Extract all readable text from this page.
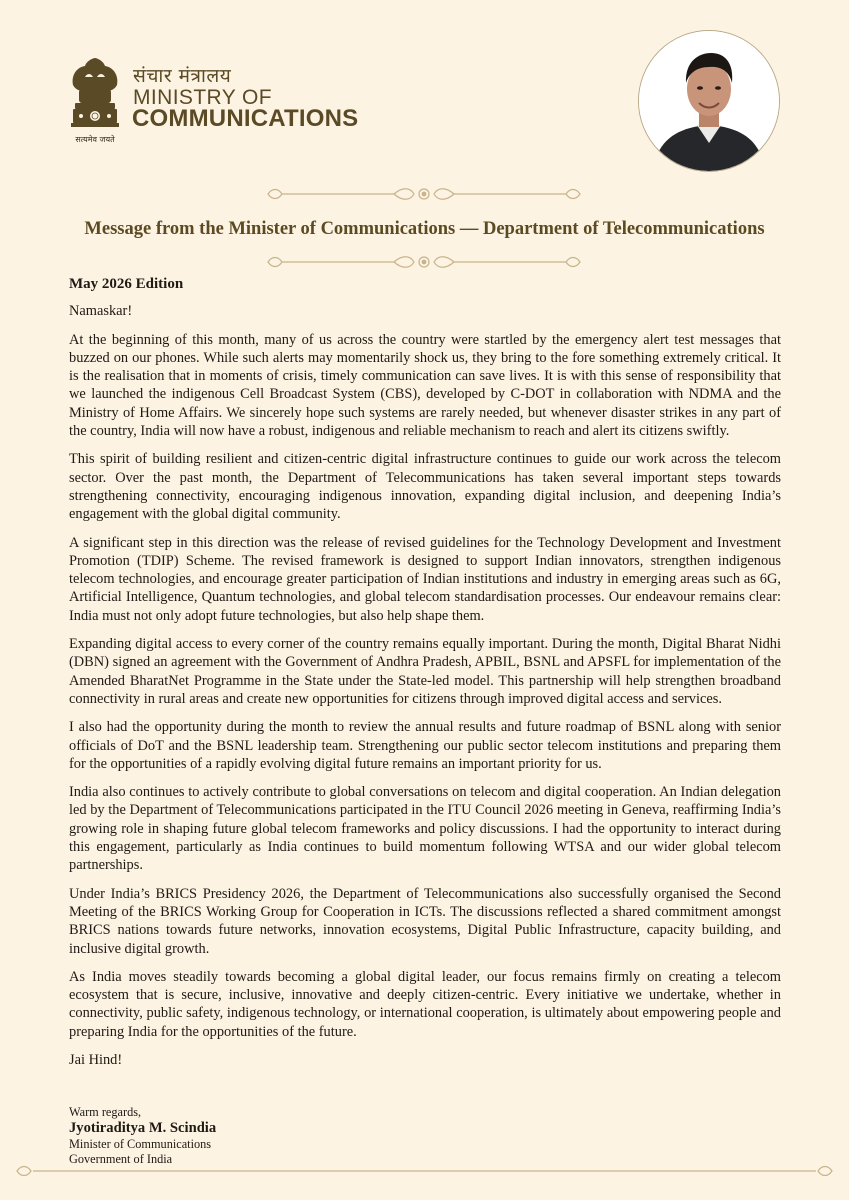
संचार मंत्रालय
MINISTRY OF
COMMUNICATIONS
सत्यमेव जयते
Message from the Minister of Communications — Department of Telecommunications
May 2026 Edition

Namaskar!

At the beginning of this month, many of us across the country were startled by the emergency alert test messages that buzzed on our phones. While such alerts may momentarily shock us, they bring to the fore something extremely critical. It is the realisation that in moments of crisis, timely communication can save lives. It is with this sense of responsibility that we launched the indigenous Cell Broadcast System (CBS), developed by C-DOT in collaboration with NDMA and the Ministry of Home Affairs. We sincerely hope such systems are rarely needed, but whenever disaster strikes in any part of the country, India will now have a robust, indigenous and reliable mechanism to reach and alert its citizens swiftly.

This spirit of building resilient and citizen-centric digital infrastructure continues to guide our work across the telecom sector. Over the past month, the Department of Telecommunications has taken several important steps towards strengthening connectivity, encouraging indigenous innovation, expanding digital inclusion, and deepening India’s engagement with the global digital community.

A significant step in this direction was the release of revised guidelines for the Technology Development and Investment Promotion (TDIP) Scheme. The revised framework is designed to support Indian innovators, strengthen indigenous telecom technologies, and encourage greater participation of Indian institutions and industry in emerging areas such as 6G, Artificial Intelligence, Quantum technologies, and global telecom standardisation processes. Our endeavour remains clear: India must not only adopt future technologies, but also help shape them.

Expanding digital access to every corner of the country remains equally important. During the month, Digital Bharat Nidhi (DBN) signed an agreement with the Government of Andhra Pradesh, APBIL, BSNL and APSFL for implementation of the Amended BharatNet Programme in the State under the State-led model. This partnership will help strengthen broadband connectivity in rural areas and create new opportunities for citizens through improved digital access and services.

I also had the opportunity during the month to review the annual results and future roadmap of BSNL along with senior officials of DoT and the BSNL leadership team. Strengthening our public sector telecom institutions and preparing them for the opportunities of a rapidly evolving digital future remains an important priority for us.

India also continues to actively contribute to global conversations on telecom and digital cooperation. An Indian delegation led by the Department of Telecommunications participated in the ITU Council 2026 meeting in Geneva, reaffirming India’s growing role in shaping future global telecom frameworks and policy discussions. I had the opportunity to interact during this engagement, particularly as India continues to build momentum following WTSA and our wider global telecom partnerships.

Under India’s BRICS Presidency 2026, the Department of Telecommunications also successfully organised the Second Meeting of the BRICS Working Group for Cooperation in ICTs. The discussions reflected a shared commitment amongst BRICS nations towards future networks, innovation ecosystems, Digital Public Infrastructure, capacity building, and inclusive digital growth.

As India moves steadily towards becoming a global digital leader, our focus remains firmly on creating a telecom ecosystem that is secure, inclusive, innovative and deeply citizen-centric. Every initiative we undertake, whether in connectivity, public safety, indigenous technology, or international cooperation, is ultimately about empowering people and preparing India for the opportunities of the future.

Jai Hind!

Warm regards,
Jyotiraditya M. Scindia
Minister of Communications
Government of India
